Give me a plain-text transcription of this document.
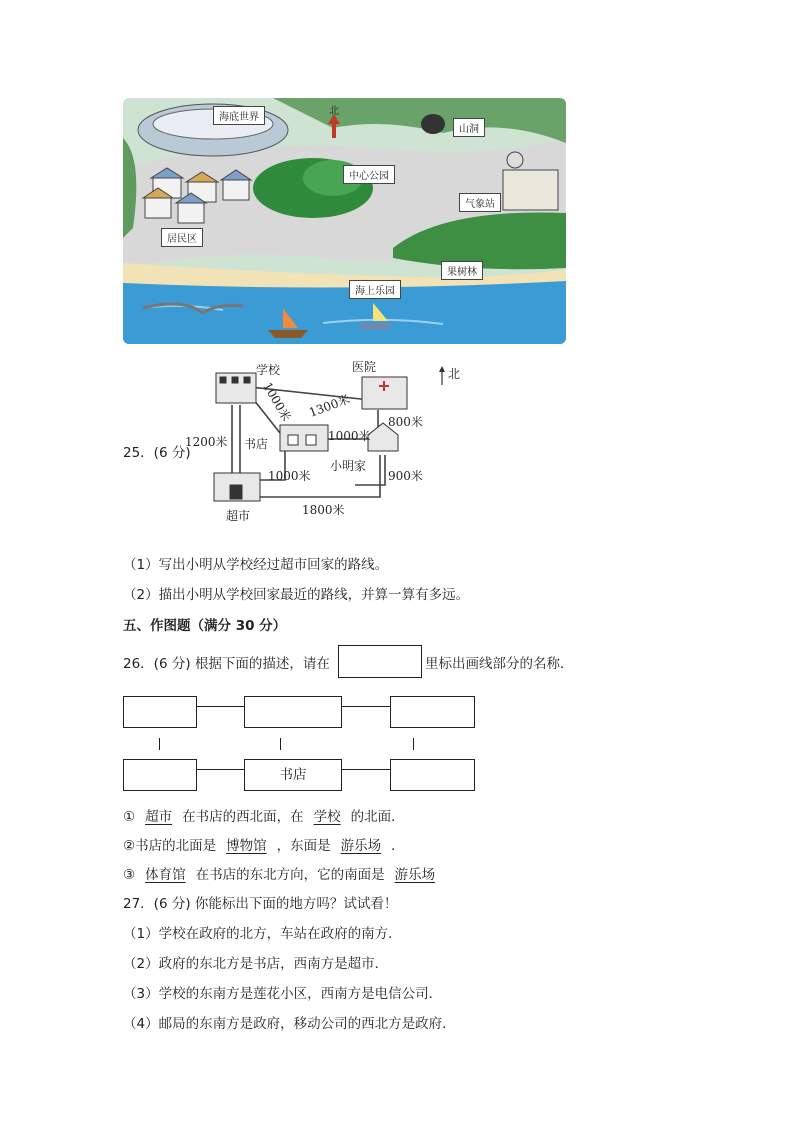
北
海底世界
山洞
中心公园
气象站
居民区
果树林
海上乐园
北
学校	医院
书店
小明家
超市
1000米 1300米
1200米	1000米
800米
1000米	900米
1800米
25．(6 分)
（1）写出小明从学校经过超市回家的路线。
（2）描出小明从学校回家最近的路线，并算一算有多远。
五、作图题（满分 30 分）
26．(6 分) 根据下面的描述，请在	里标出画线部分的名称．
书店
① 超市 在书店的西北面，在 学校 的北面．
②书店的北面是 博物馆 ，东面是 游乐场 ．
③ 体育馆 在书店的东北方向，它的南面是 游乐场
27．(6 分) 你能标出下面的地方吗？试试看！
（1）学校在政府的北方，车站在政府的南方．
（2）政府的东北方是书店，西南方是超市．
（3）学校的东南方是莲花小区，西南方是电信公司．
（4）邮局的东南方是政府，移动公司的西北方是政府．
